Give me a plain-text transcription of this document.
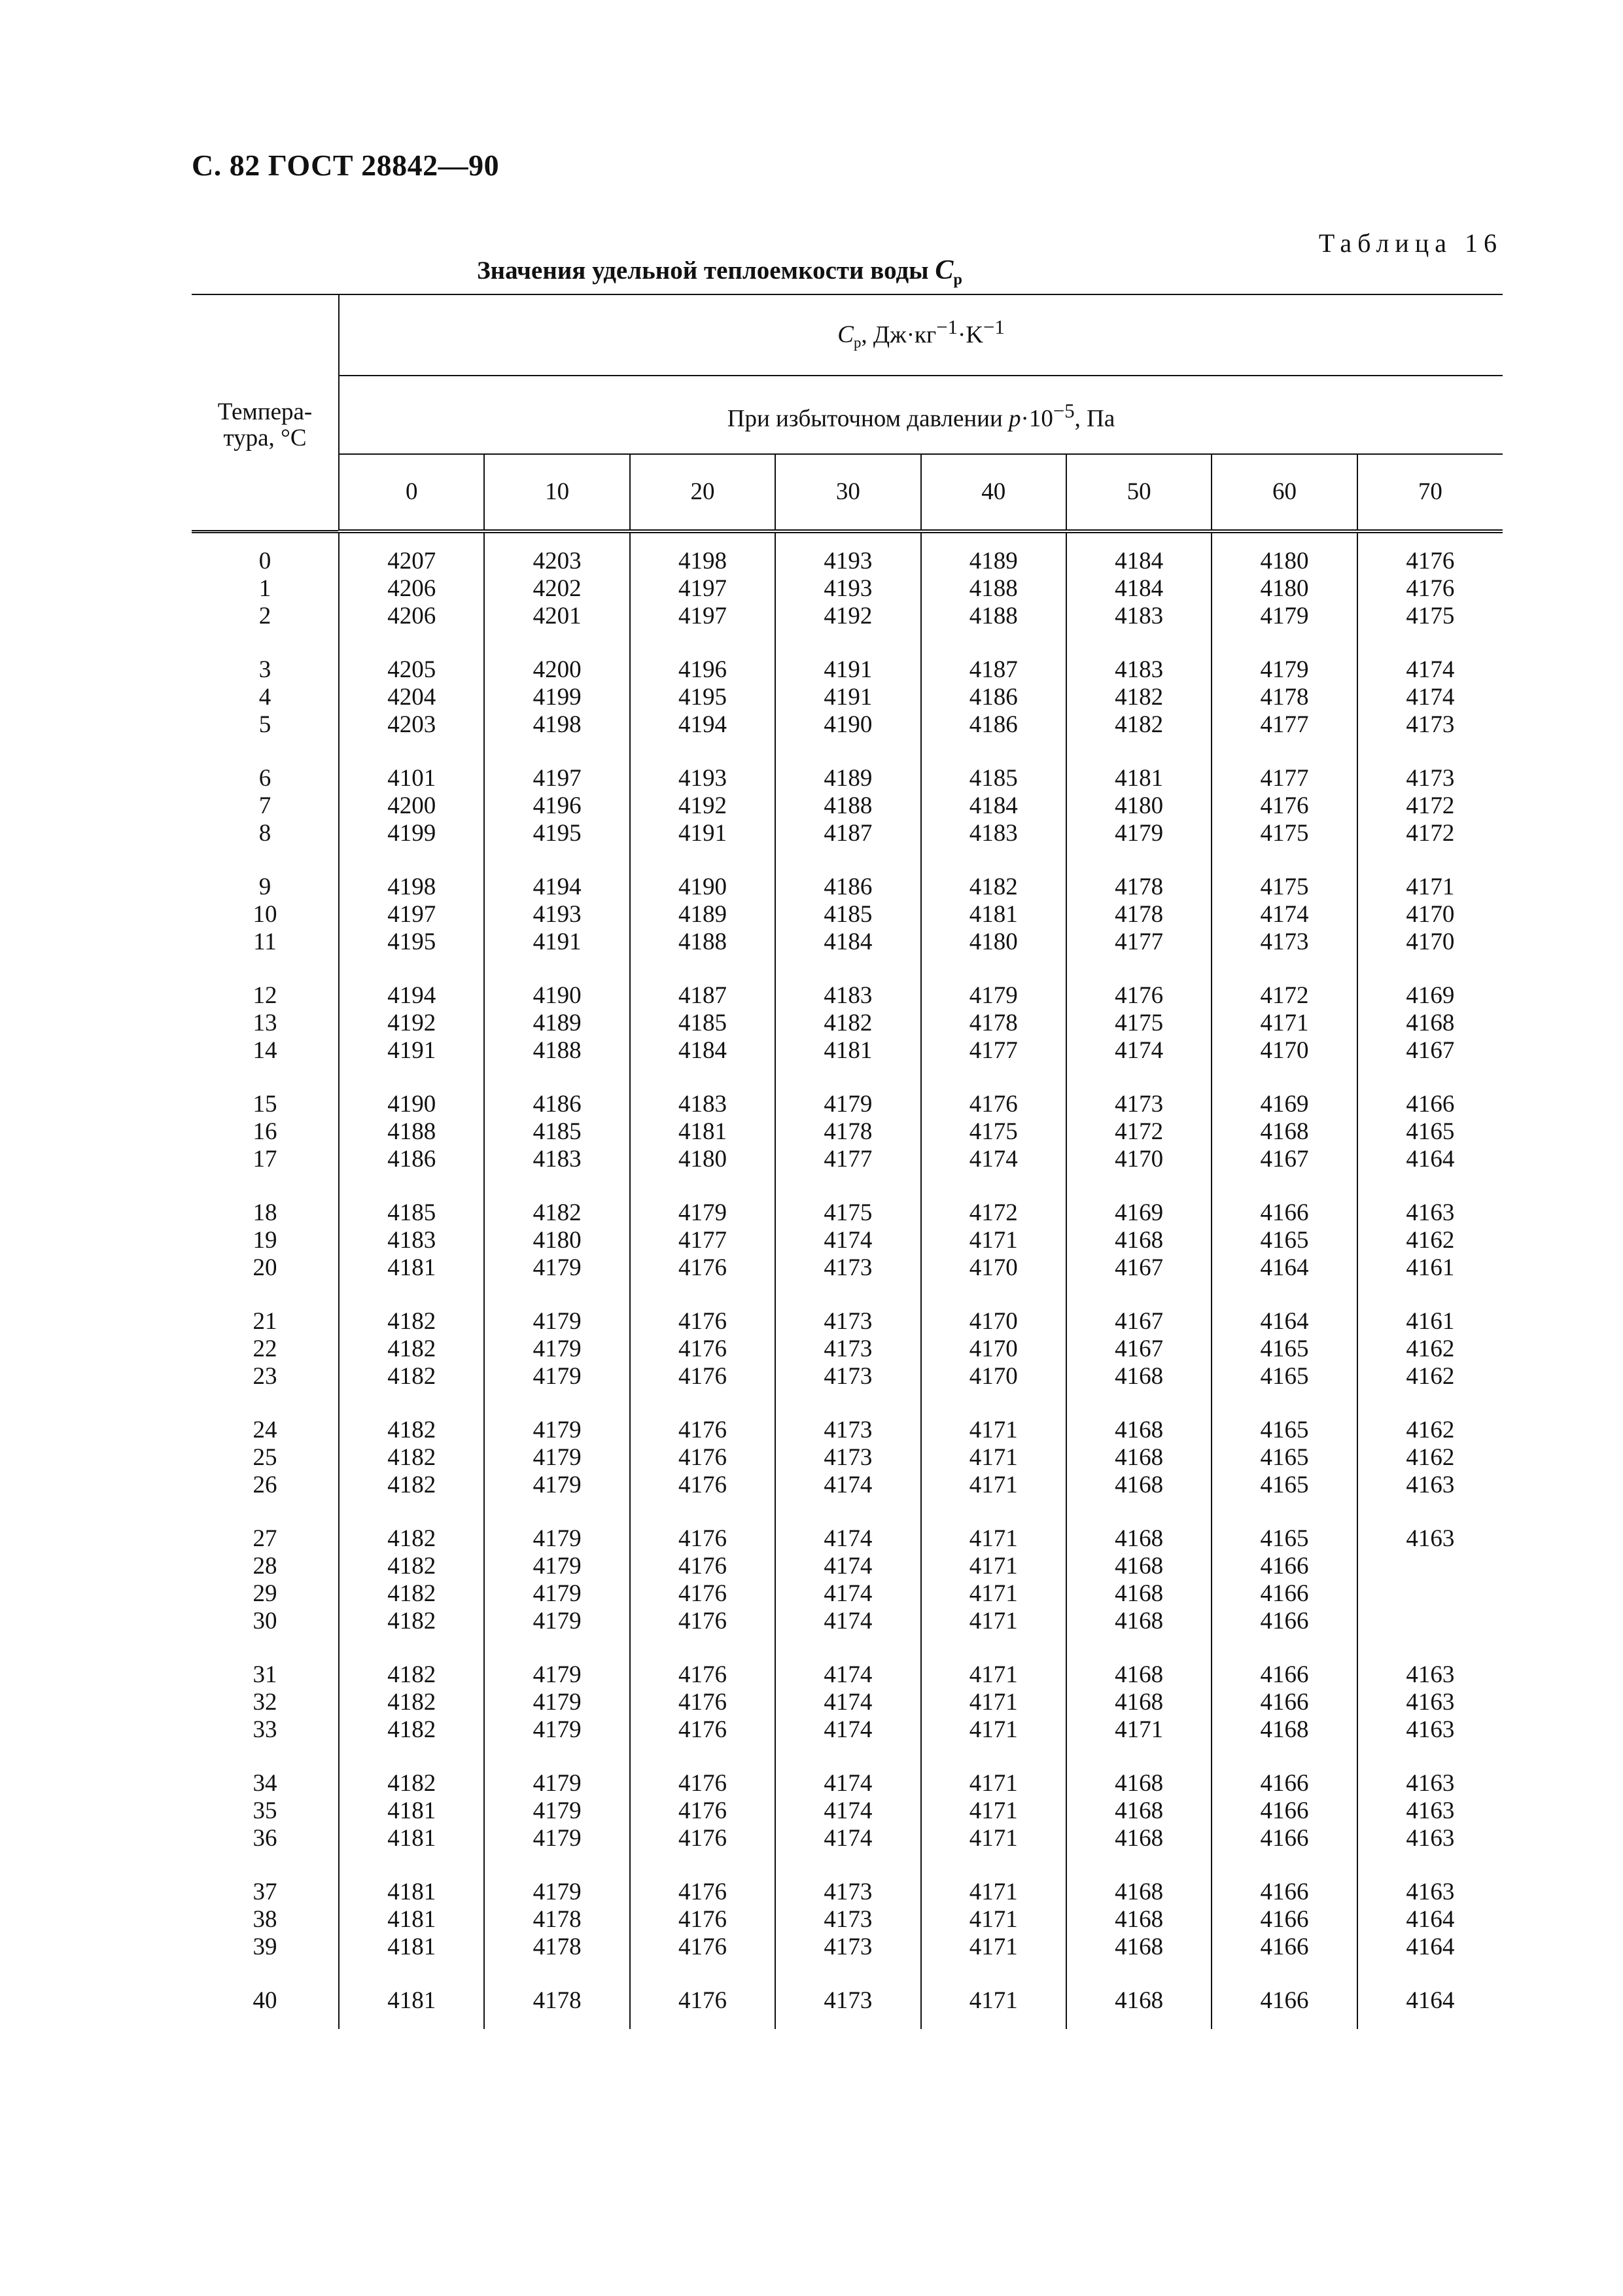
С. 82 ГОСТ 28842—90
Таблица 16
Значения удельной теплоемкости воды $C_p$
Темпера-
тура, °С	$C_p$, $Дж\cdot кг^{-1}\cdot K^{-1}$
	При избыточном давлении $p\cdot 10^{-5}$, Па							
	0	10	20	30	40	50	60	70
0	4207	4203	4198	4193	4189	4184	4180	4176
1	4206	4202	4197	4193	4188	4184	4180	4176
2	4206	4201	4197	4192	4188	4183	4179	4175

3	4205	4200	4196	4191	4187	4183	4179	4174
4	4204	4199	4195	4191	4186	4182	4178	4174
5	4203	4198	4194	4190	4186	4182	4177	4173

6	4101	4197	4193	4189	4185	4181	4177	4173
7	4200	4196	4192	4188	4184	4180	4176	4172
8	4199	4195	4191	4187	4183	4179	4175	4172

9	4198	4194	4190	4186	4182	4178	4175	4171
10	4197	4193	4189	4185	4181	4178	4174	4170
11	4195	4191	4188	4184	4180	4177	4173	4170

12	4194	4190	4187	4183	4179	4176	4172	4169
13	4192	4189	4185	4182	4178	4175	4171	4168
14	4191	4188	4184	4181	4177	4174	4170	4167

15	4190	4186	4183	4179	4176	4173	4169	4166
16	4188	4185	4181	4178	4175	4172	4168	4165
17	4186	4183	4180	4177	4174	4170	4167	4164

18	4185	4182	4179	4175	4172	4169	4166	4163
19	4183	4180	4177	4174	4171	4168	4165	4162
20	4181	4179	4176	4173	4170	4167	4164	4161

21	4182	4179	4176	4173	4170	4167	4164	4161
22	4182	4179	4176	4173	4170	4167	4165	4162
23	4182	4179	4176	4173	4170	4168	4165	4162

24	4182	4179	4176	4173	4171	4168	4165	4162
25	4182	4179	4176	4173	4171	4168	4165	4162
26	4182	4179	4176	4174	4171	4168	4165	4163

27	4182	4179	4176	4174	4171	4168	4165	4163
28	4182	4179	4176	4174	4171	4168	4166	
29	4182	4179	4176	4174	4171	4168	4166	
30	4182	4179	4176	4174	4171	4168	4166	

31	4182	4179	4176	4174	4171	4168	4166	4163
32	4182	4179	4176	4174	4171	4168	4166	4163
33	4182	4179	4176	4174	4171	4171	4168	4163

34	4182	4179	4176	4174	4171	4168	4166	4163
35	4181	4179	4176	4174	4171	4168	4166	4163
36	4181	4179	4176	4174	4171	4168	4166	4163

37	4181	4179	4176	4173	4171	4168	4166	4163
38	4181	4178	4176	4173	4171	4168	4166	4164
39	4181	4178	4176	4173	4171	4168	4166	4164

40	4181	4178	4176	4173	4171	4168	4166	4164
